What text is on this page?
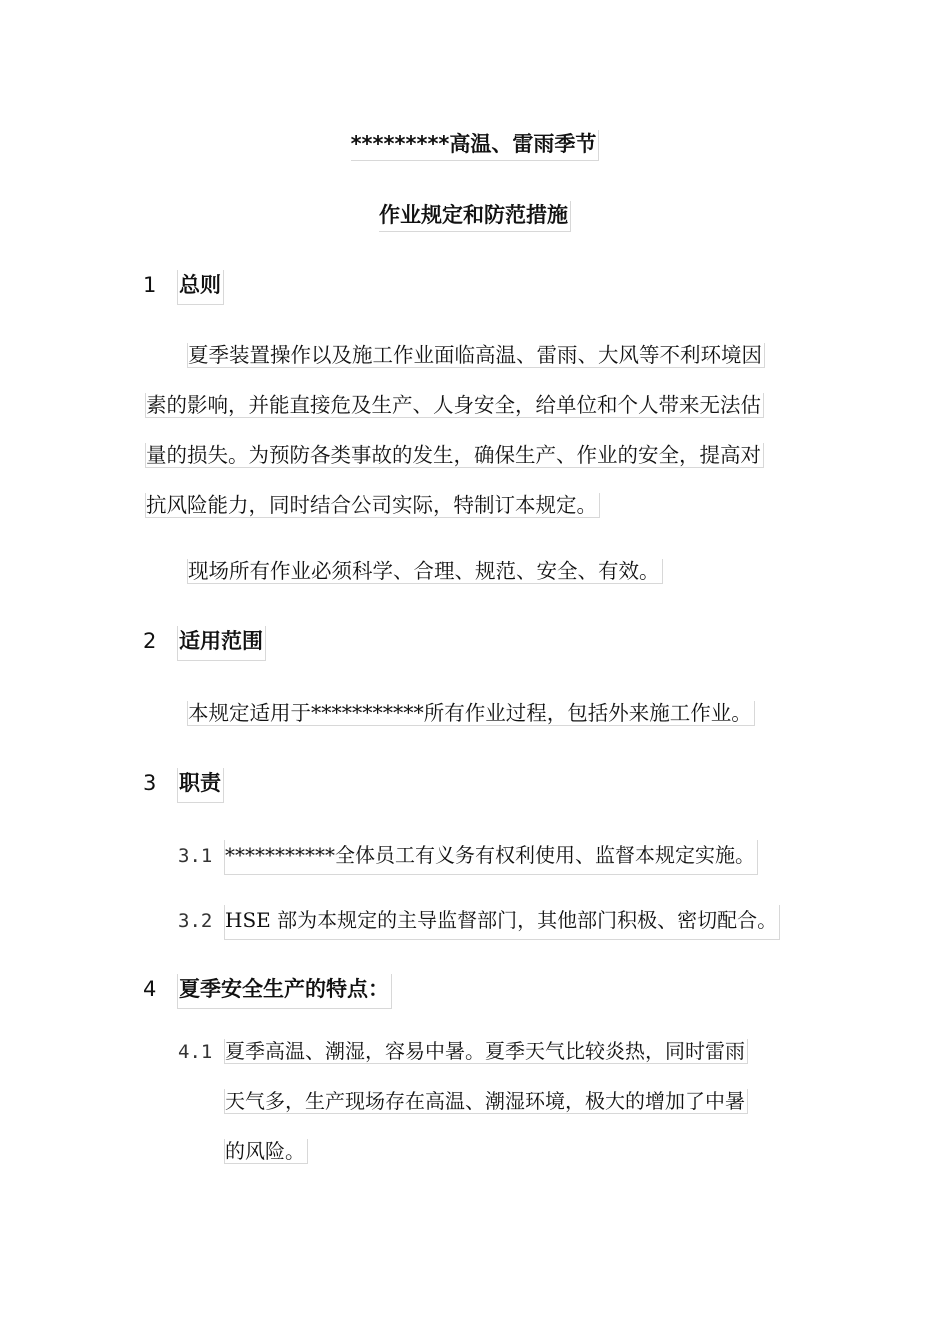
*********高温、雷雨季节
作业规定和防范措施
1 总则
夏季装置操作以及施工作业面临高温、雷雨、大风等不利环境因
素的影响，并能直接危及生产、人身安全，给单位和个人带来无法估
量的损失。为预防各类事故的发生，确保生产、作业的安全，提高对
抗风险能力，同时结合公司实际，特制订本规定。
现场所有作业必须科学、合理、规范、安全、有效。
2 适用范围
本规定适用于***********所有作业过程，包括外来施工作业。
3 职责
3.1 ***********全体员工有义务有权利使用、监督本规定实施。
3.2 HSE 部为本规定的主导监督部门，其他部门积极、密切配合。
4 夏季安全生产的特点：
4.1 夏季高温、潮湿，容易中暑。夏季天气比较炎热，同时雷雨
天气多，生产现场存在高温、潮湿环境，极大的增加了中暑
的风险。
